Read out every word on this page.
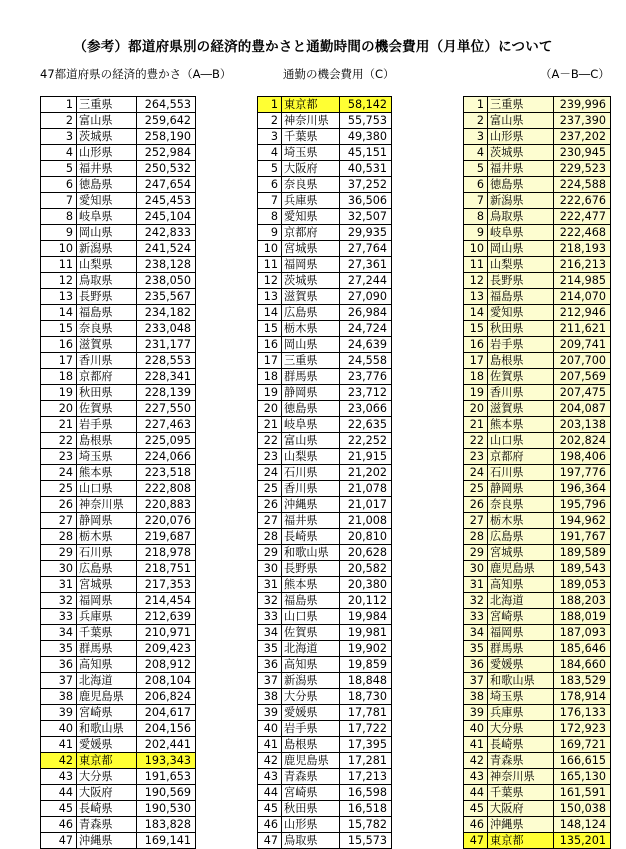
（参考）都道府県別の経済的豊かさと通勤時間の機会費用（月単位）について
47都道府県の経済的豊かさ（A―B）	通勤の機会費用（C）	（A－B―C）
1	三重県	264,553
2	富山県	259,642
3	茨城県	258,190
4	山形県	252,984
5	福井県	250,532
6	徳島県	247,654
7	愛知県	245,453
8	岐阜県	245,104
9	岡山県	242,833
10	新潟県	241,524
11	山梨県	238,128
12	鳥取県	238,050
13	長野県	235,567
14	福島県	234,182
15	奈良県	233,048
16	滋賀県	231,177
17	香川県	228,553
18	京都府	228,341
19	秋田県	228,139
20	佐賀県	227,550
21	岩手県	227,463
22	島根県	225,095
23	埼玉県	224,066
24	熊本県	223,518
25	山口県	222,808
26	神奈川県	220,883
27	静岡県	220,076
28	栃木県	219,687
29	石川県	218,978
30	広島県	218,751
31	宮城県	217,353
32	福岡県	214,454
33	兵庫県	212,639
34	千葉県	210,971
35	群馬県	209,423
36	高知県	208,912
37	北海道	208,104
38	鹿児島県	206,824
39	宮崎県	204,617
40	和歌山県	204,156
41	愛媛県	202,441
42	東京都	193,343
43	大分県	191,653
44	大阪府	190,569
45	長崎県	190,530
46	青森県	183,828
47	沖縄県	169,141
1	東京都	58,142
2	神奈川県	55,753
3	千葉県	49,380
4	埼玉県	45,151
5	大阪府	40,531
6	奈良県	37,252
7	兵庫県	36,506
8	愛知県	32,507
9	京都府	29,935
10	宮城県	27,764
11	福岡県	27,361
12	茨城県	27,244
13	滋賀県	27,090
14	広島県	26,984
15	栃木県	24,724
16	岡山県	24,639
17	三重県	24,558
18	群馬県	23,776
19	静岡県	23,712
20	徳島県	23,066
21	岐阜県	22,635
22	富山県	22,252
23	山梨県	21,915
24	石川県	21,202
25	香川県	21,078
26	沖縄県	21,017
27	福井県	21,008
28	長崎県	20,810
29	和歌山県	20,628
30	長野県	20,582
31	熊本県	20,380
32	福島県	20,112
33	山口県	19,984
34	佐賀県	19,981
35	北海道	19,902
36	高知県	19,859
37	新潟県	18,848
38	大分県	18,730
39	愛媛県	17,781
40	岩手県	17,722
41	島根県	17,395
42	鹿児島県	17,281
43	青森県	17,213
44	宮崎県	16,598
45	秋田県	16,518
46	山形県	15,782
47	鳥取県	15,573
1	三重県	239,996
2	富山県	237,390
3	山形県	237,202
4	茨城県	230,945
5	福井県	229,523
6	徳島県	224,588
7	新潟県	222,676
8	鳥取県	222,477
9	岐阜県	222,468
10	岡山県	218,193
11	山梨県	216,213
12	長野県	214,985
13	福島県	214,070
14	愛知県	212,946
15	秋田県	211,621
16	岩手県	209,741
17	島根県	207,700
18	佐賀県	207,569
19	香川県	207,475
20	滋賀県	204,087
21	熊本県	203,138
22	山口県	202,824
23	京都府	198,406
24	石川県	197,776
25	静岡県	196,364
26	奈良県	195,796
27	栃木県	194,962
28	広島県	191,767
29	宮城県	189,589
30	鹿児島県	189,543
31	高知県	189,053
32	北海道	188,203
33	宮崎県	188,019
34	福岡県	187,093
35	群馬県	185,646
36	愛媛県	184,660
37	和歌山県	183,529
38	埼玉県	178,914
39	兵庫県	176,133
40	大分県	172,923
41	長崎県	169,721
42	青森県	166,615
43	神奈川県	165,130
44	千葉県	161,591
45	大阪府	150,038
46	沖縄県	148,124
47	東京都	135,201
